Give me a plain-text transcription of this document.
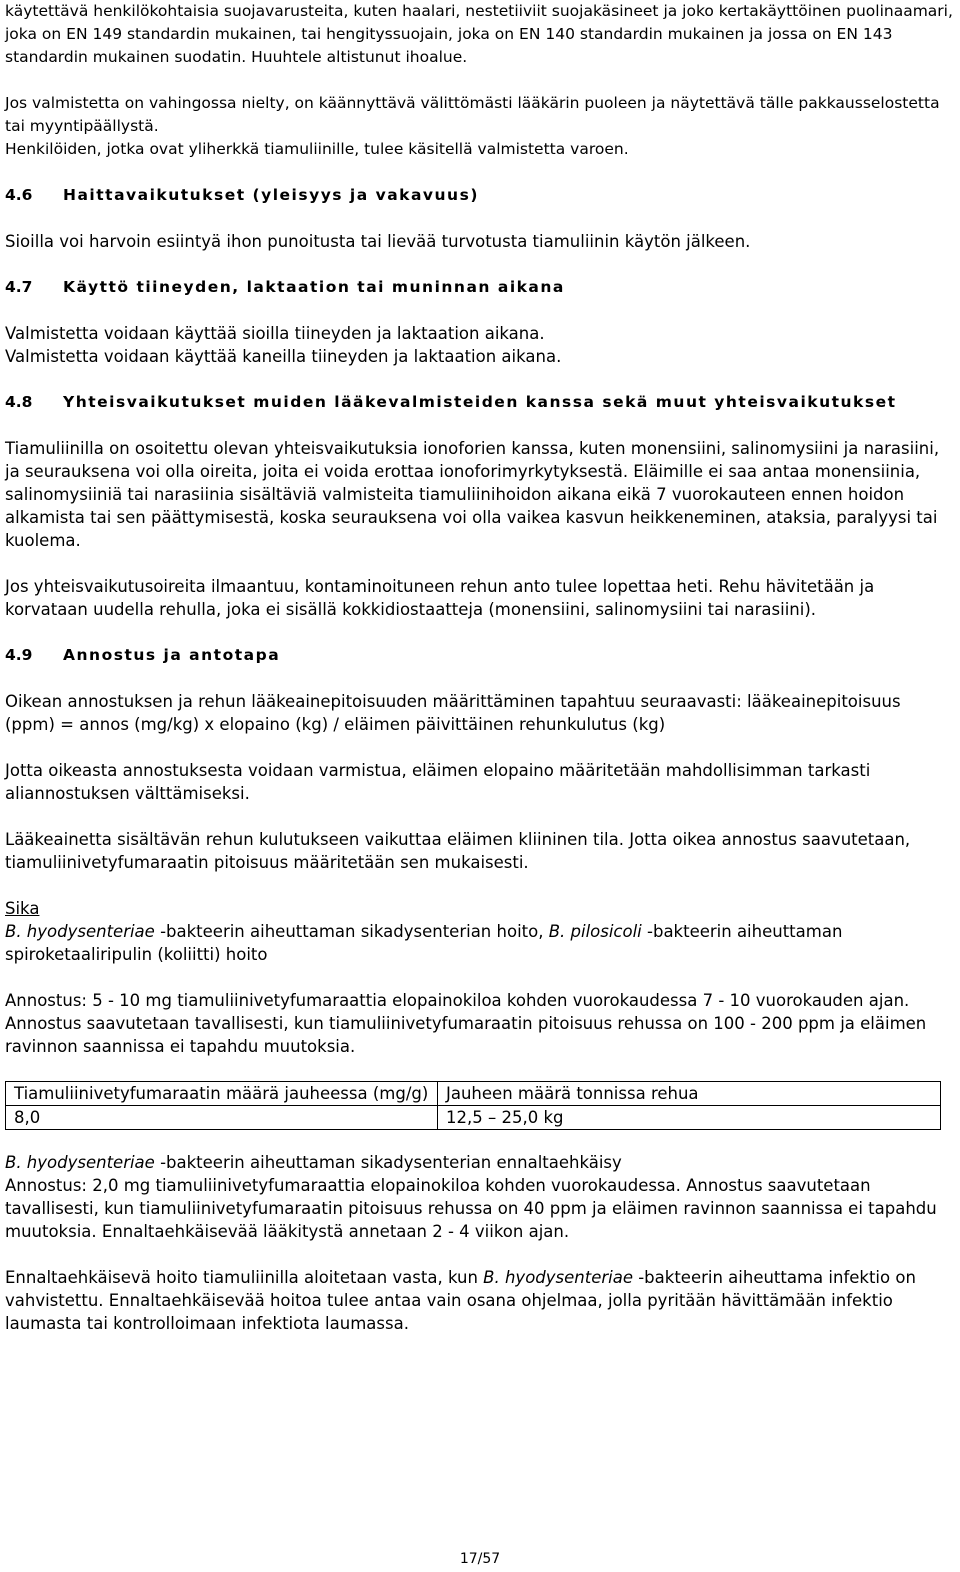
käytettävä henkilökohtaisia suojavarusteita, kuten haalari, nestetiiviit suojakäsineet ja joko kertakäyttöinen puolinaamari, joka on EN 149 standardin mukainen, tai hengityssuojain, joka on EN 140 standardin mukainen ja jossa on EN 143 standardin mukainen suodatin. Huuhtele altistunut ihoalue.

Jos valmistetta on vahingossa nielty, on käännyttävä välittömästi lääkärin puoleen ja näytettävä tälle pakkausselostetta tai myyntipäällystä.

Henkilöiden, jotka ovat yliherkkä tiamuliinille, tulee käsitellä valmistetta varoen.

4.6 Haittavaikutukset (yleisyys ja vakavuus)

Sioilla voi harvoin esiintyä ihon punoitusta tai lievää turvotusta tiamuliinin käytön jälkeen.

4.7 Käyttö tiineyden, laktaation tai muninnan aikana

Valmistetta voidaan käyttää sioilla tiineyden ja laktaation aikana.

Valmistetta voidaan käyttää kaneilla tiineyden ja laktaation aikana.

4.8 Yhteisvaikutukset muiden lääkevalmisteiden kanssa sekä muut yhteisvaikutukset

Tiamuliinilla on osoitettu olevan yhteisvaikutuksia ionoforien kanssa, kuten monensiini, salinomysiini ja narasiini, ja seurauksena voi olla oireita, joita ei voida erottaa ionoforimyrkytyksestä. Eläimille ei saa antaa monensiinia, salinomysiiniä tai narasiinia sisältäviä valmisteita tiamuliinihoidon aikana eikä 7 vuorokauteen ennen hoidon alkamista tai sen päättymisestä, koska seurauksena voi olla vaikea kasvun heikkeneminen, ataksia, paralyysi tai kuolema.

Jos yhteisvaikutusoireita ilmaantuu, kontaminoituneen rehun anto tulee lopettaa heti. Rehu hävitetään ja korvataan uudella rehulla, joka ei sisällä kokkidiostaatteja (monensiini, salinomysiini tai narasiini).

4.9 Annostus ja antotapa

Oikean annostuksen ja rehun lääkeainepitoisuuden määrittäminen tapahtuu seuraavasti: lääkeainepitoisuus (ppm) = annos (mg/kg) x elopaino (kg) / eläimen päivittäinen rehunkulutus (kg)

Jotta oikeasta annostuksesta voidaan varmistua, eläimen elopaino määritetään mahdollisimman tarkasti aliannostuksen välttämiseksi.

Lääkeainetta sisältävän rehun kulutukseen vaikuttaa eläimen kliininen tila. Jotta oikea annostus saavutetaan, tiamuliinivetyfumaraatin pitoisuus määritetään sen mukaisesti.

Sika

B. hyodysenteriae -bakteerin aiheuttaman sikadysenterian hoito, B. pilosicoli -bakteerin aiheuttaman spiroketaaliripulin (koliitti) hoito

Annostus: 5 - 10 mg tiamuliinivetyfumaraattia elopainokiloa kohden vuorokaudessa 7 - 10 vuorokauden ajan. Annostus saavutetaan tavallisesti, kun tiamuliinivetyfumaraatin pitoisuus rehussa on 100 - 200 ppm ja eläimen ravinnon saannissa ei tapahdu muutoksia.

Tiamuliinivetyfumaraatin määrä jauheessa (mg/g)	Jauheen määrä tonnissa rehua
8,0	12,5 – 25,0 kg

B. hyodysenteriae -bakteerin aiheuttaman sikadysenterian ennaltaehkäisy

Annostus: 2,0 mg tiamuliinivetyfumaraattia elopainokiloa kohden vuorokaudessa. Annostus saavutetaan tavallisesti, kun tiamuliinivetyfumaraatin pitoisuus rehussa on 40 ppm ja eläimen ravinnon saannissa ei tapahdu muutoksia. Ennaltaehkäisevää lääkitystä annetaan 2 - 4 viikon ajan.

Ennaltaehkäisevä hoito tiamuliinilla aloitetaan vasta, kun B. hyodysenteriae -bakteerin aiheuttama infektio on vahvistettu. Ennaltaehkäisevää hoitoa tulee antaa vain osana ohjelmaa, jolla pyritään hävittämään infektio laumasta tai kontrolloimaan infektiota laumassa.

17/57
